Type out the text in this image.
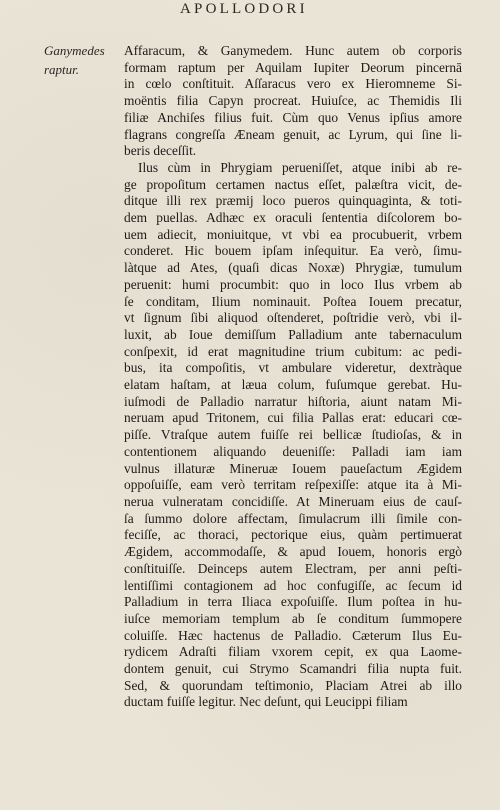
APOLLODORI
Ganymedes
raptur.
Affaracum, & Ganymedem. Hunc autem ob corporis
formam raptum per Aquilam Iupiter Deorum pincernā
in cœlo conſtituit. Aſſaracus vero ex Hieromneme Si-
moëntis filia Capyn procreat. Huiuſce, ac Themidis Ili
filiæ Anchiſes filius fuit. Cùm quo Venus ipſius amore
flagrans congreſſa Æneam genuit, ac Lyrum, qui ſine li-
beris deceſſit.
Ilus cùm in Phrygiam perueniſſet, atque inibi ab re-
ge propoſitum certamen nactus eſſet, palæſtra vicit, de-
ditque illi rex præmij loco pueros quinquaginta, & toti-
dem puellas. Adhæc ex oraculi ſententia diſcolorem bo-
uem adiecit, moniuitque, vt vbi ea procubuerit, vrbem
conderet. Hic bouem ipſam inſequitur. Ea verò, ſimu-
làtque ad Ates, (quaſi dicas Noxæ) Phrygiæ, tumulum
peruenit: humi procumbit: quo in loco Ilus vrbem ab
ſe conditam, Ilium nominauit. Poſtea Iouem precatur,
vt ſignum ſibi aliquod oſtenderet, poſtridie verò, vbi il-
luxit, ab Ioue demiſſum Palladium ante tabernaculum
conſpexit, id erat magnitudine trium cubitum: ac pedi-
bus, ita compoſitis, vt ambulare videretur, dextràque
elatam haſtam, at læua colum, fuſumque gerebat. Hu-
iuſmodi de Palladio narratur hiſtoria, aiunt natam Mi-
neruam apud Tritonem, cui filia Pallas erat: educari cœ-
piſſe. Vtraſque autem fuiſſe rei bellicæ ſtudioſas, & in
contentionem aliquando deueniſſe: Palladi iam iam
vulnus illaturæ Mineruæ Iouem paueſactum Ægidem
oppoſuiſſe, eam verò territam reſpexiſſe: atque ita à Mi-
nerua vulneratam concidiſſe. At Mineruam eius de cauſ-
ſa ſummo dolore affectam, ſimulacrum illi ſimile con-
feciſſe, ac thoraci, pectorique eius, quàm pertimuerat
Ægidem, accommodaſſe, & apud Iouem, honoris ergò
conſtituiſſe. Deinceps autem Electram, per anni peſti-
lentiſſimi contagionem ad hoc confugiſſe, ac ſecum id
Palladium in terra Iliaca expoſuiſſe. Ilum poſtea in hu-
iuſce memoriam templum ab ſe conditum ſummopere
coluiſſe. Hæc hactenus de Palladio. Cæterum Ilus Eu-
rydicem Adraſti filiam vxorem cepit, ex qua Laome-
dontem genuit, cui Strymo Scamandri filia nupta fuit.
Sed, & quorundam teſtimonio, Placiam Atrei ab illo
ductam fuiſſe legitur. Nec deſunt, qui Leucippi filiam
